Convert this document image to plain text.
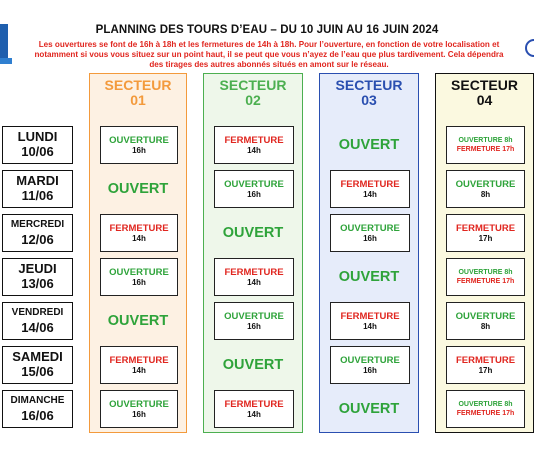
PLANNING DES TOURS D’EAU – DU 10 JUIN AU 16 JUIN 2024
Les ouvertures se font de 16h à 18h et les fermetures de 14h à 18h. Pour l’ouverture, en fonction de votre localisation et notamment si vous vous situez sur un point haut, il se peut que vous n’ayez de l’eau que plus tardivement. Cela dépendra des tirages des autres abonnés situés en amont sur le réseau.
LUNDI
10/06
MARDI
11/06
MERCREDI
12/06
JEUDI
13/06
VENDREDI
14/06
SAMEDI
15/06
DIMANCHE
16/06
SECTEUR
01
OUVERTURE
16h
OUVERT
FERMETURE
14h
OUVERTURE
16h
OUVERT
FERMETURE
14h
OUVERTURE
16h
SECTEUR
02
FERMETURE
14h
OUVERTURE
16h
OUVERT
FERMETURE
14h
OUVERTURE
16h
OUVERT
FERMETURE
14h
SECTEUR
03
OUVERT
FERMETURE
14h
OUVERTURE
16h
OUVERT
FERMETURE
14h
OUVERTURE
16h
OUVERT
SECTEUR
04
OUVERTURE 8h
FERMETURE 17h
OUVERTURE
8h
FERMETURE
17h
OUVERTURE 8h
FERMETURE 17h
OUVERTURE
8h
FERMETURE
17h
OUVERTURE 8h
FERMETURE 17h
